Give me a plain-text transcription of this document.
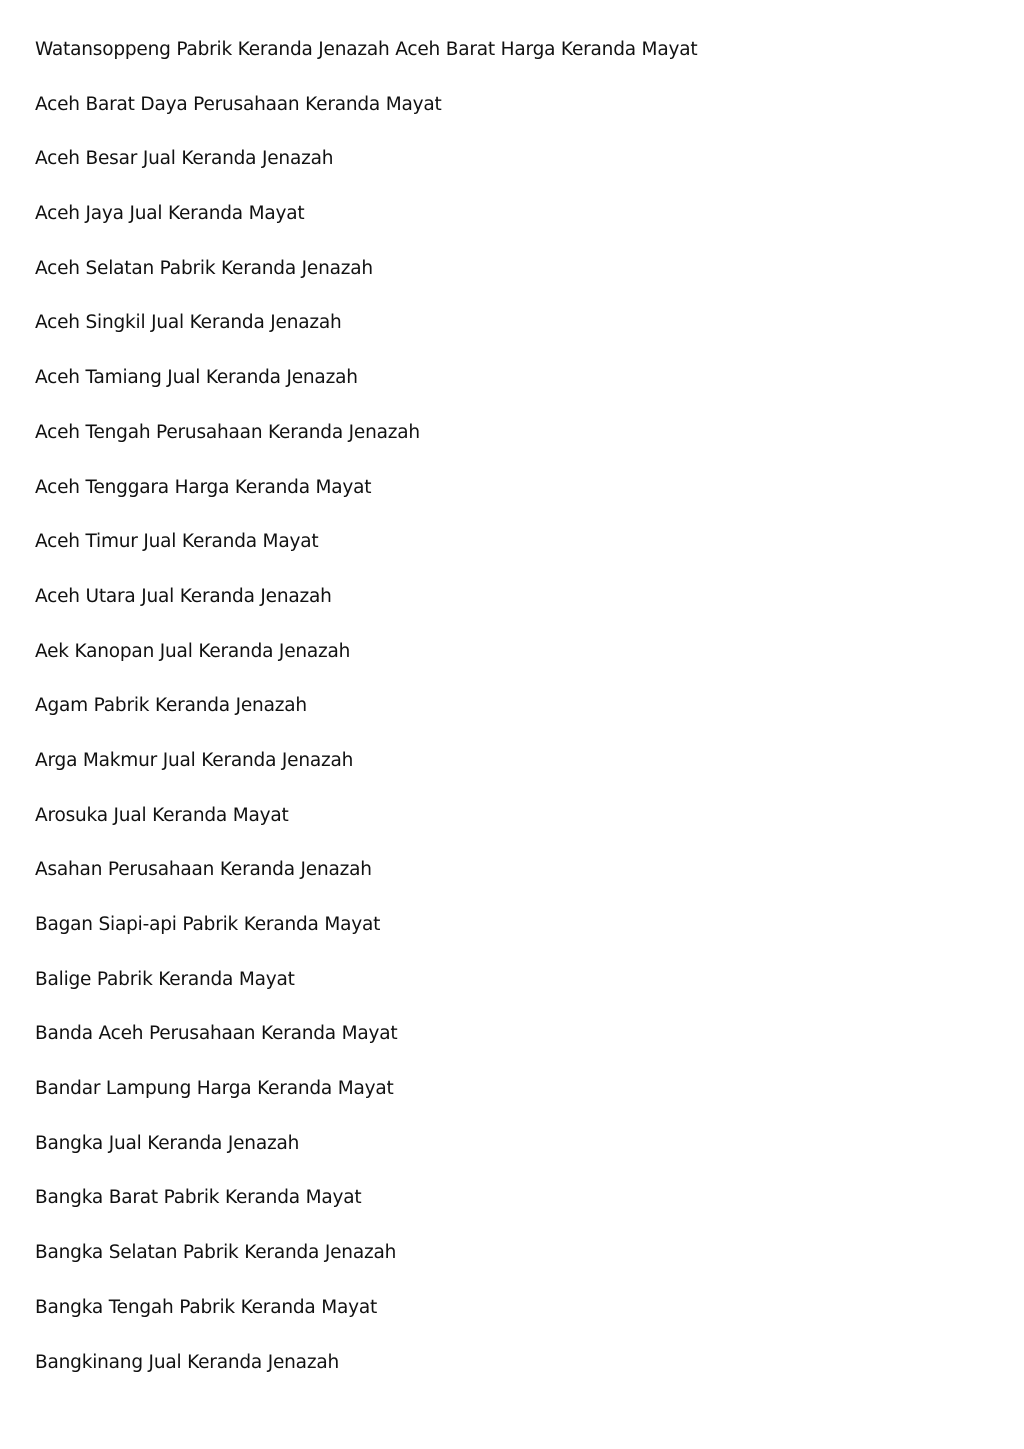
Watansoppeng Pabrik Keranda Jenazah Aceh Barat Harga Keranda Mayat
Aceh Barat Daya Perusahaan Keranda Mayat
Aceh Besar Jual Keranda Jenazah
Aceh Jaya Jual Keranda Mayat
Aceh Selatan Pabrik Keranda Jenazah
Aceh Singkil Jual Keranda Jenazah
Aceh Tamiang Jual Keranda Jenazah
Aceh Tengah Perusahaan Keranda Jenazah
Aceh Tenggara Harga Keranda Mayat
Aceh Timur Jual Keranda Mayat
Aceh Utara Jual Keranda Jenazah
Aek Kanopan Jual Keranda Jenazah
Agam Pabrik Keranda Jenazah
Arga Makmur Jual Keranda Jenazah
Arosuka Jual Keranda Mayat
Asahan Perusahaan Keranda Jenazah
Bagan Siapi-api Pabrik Keranda Mayat
Balige Pabrik Keranda Mayat
Banda Aceh Perusahaan Keranda Mayat
Bandar Lampung Harga Keranda Mayat
Bangka Jual Keranda Jenazah
Bangka Barat Pabrik Keranda Mayat
Bangka Selatan Pabrik Keranda Jenazah
Bangka Tengah Pabrik Keranda Mayat
Bangkinang Jual Keranda Jenazah
